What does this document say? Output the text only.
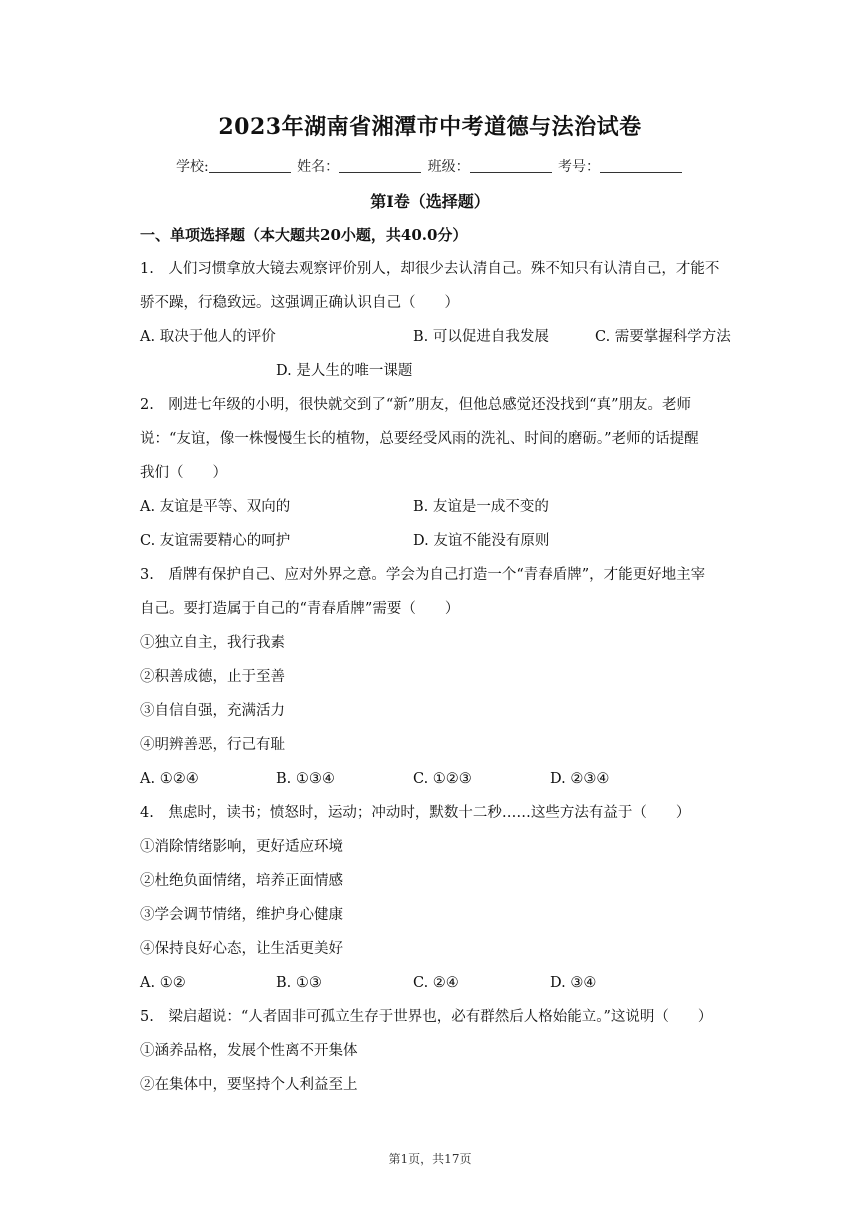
2023年湖南省湘潭市中考道德与法治试卷
学校:	姓名：	班级：	考号：
第Ⅰ卷（选择题）
一、单项选择题（本大题共20小题，共40.0分）
1.　人们习惯拿放大镜去观察评价别人，却很少去认清自己。殊不知只有认清自己，才能不
骄不躁，行稳致远。这强调正确认识自己（　　）
A. 取决于他人的评价	B. 可以促进自我发展	C. 需要掌握科学方法
D. 是人生的唯一课题
2.　刚进七年级的小明，很快就交到了“新”朋友，但他总感觉还没找到“真”朋友。老师
说：“友谊，像一株慢慢生长的植物，总要经受风雨的洗礼、时间的磨砺。”老师的话提醒
我们（　　）
A. 友谊是平等、双向的	B. 友谊是一成不变的
C. 友谊需要精心的呵护	D. 友谊不能没有原则
3.　盾牌有保护自己、应对外界之意。学会为自己打造一个“青春盾牌”，才能更好地主宰
自己。要打造属于自己的“青春盾牌”需要（　　）
①独立自主，我行我素
②积善成德，止于至善
③自信自强，充满活力
④明辨善恶，行己有耻
A. ①②④	B. ①③④	C. ①②③	D. ②③④
4.　焦虑时，读书；愤怒时，运动；冲动时，默数十二秒……这些方法有益于（　　）
①消除情绪影响，更好适应环境
②杜绝负面情绪，培养正面情感
③学会调节情绪，维护身心健康
④保持良好心态，让生活更美好
A. ①②	B. ①③	C. ②④	D. ③④
5.　梁启超说：“人者固非可孤立生存于世界也，必有群然后人格始能立。”这说明（　　）
①涵养品格，发展个性离不开集体
②在集体中，要坚持个人利益至上
第1页，共17页
